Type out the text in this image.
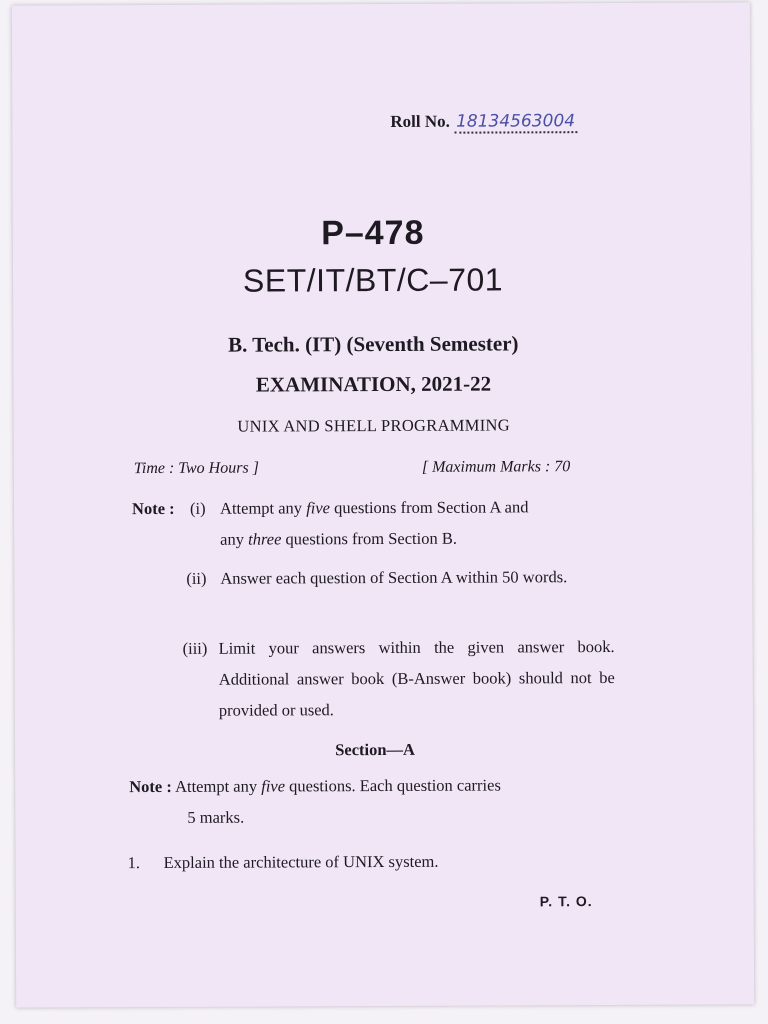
Roll No. 18134563004
P–478
SET/IT/BT/C–701
B. Tech. (IT) (Seventh Semester)
EXAMINATION, 2021-22
UNIX AND SHELL PROGRAMMING
Time : Two Hours ]	[ Maximum Marks : 70
Note : (i) Attempt any five questions from Section A and
any three questions from Section B.
(ii) Answer each question of Section A within 50 words.
(iii) Limit your answers within the given answer book. Additional answer book (B-Answer book) should not be provided or used.
Section—A
Note : Attempt any five questions. Each question carries
5 marks.
1. Explain the architecture of UNIX system.
P. T. O.
